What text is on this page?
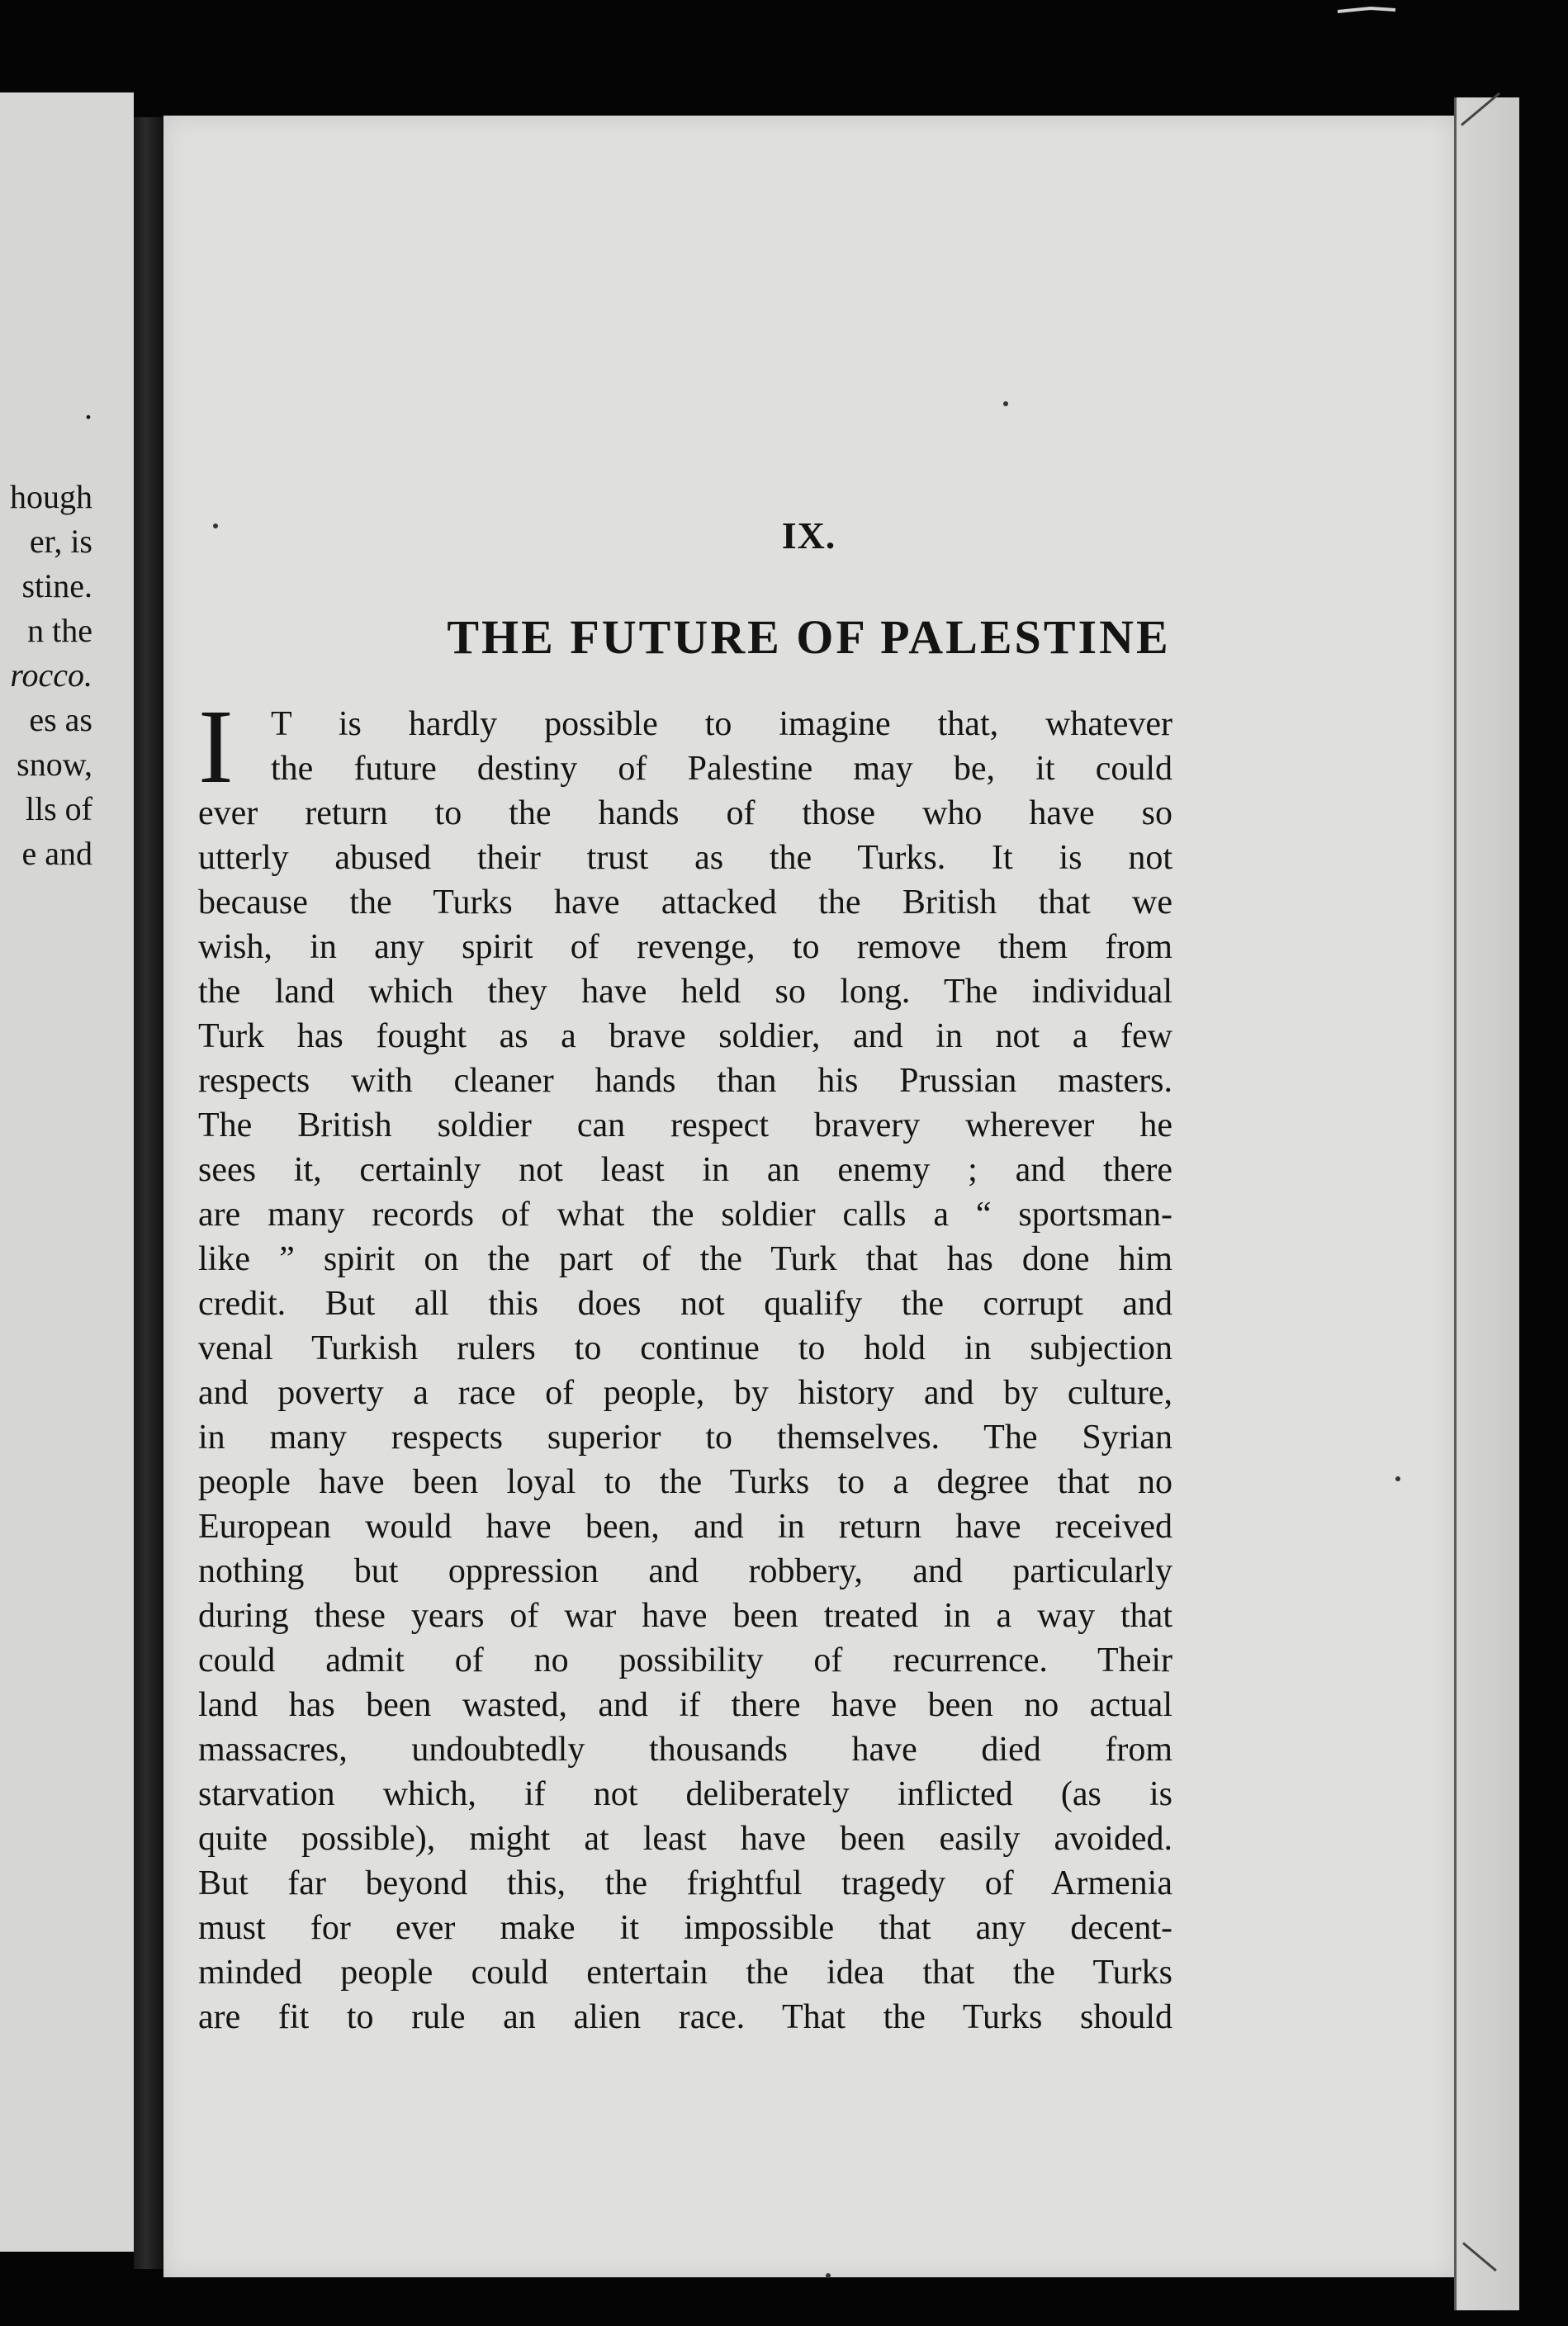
.
hough
er, is
stine.
n the
rocco.
es as
snow,
lls of
e and
IX.
THE FUTURE OF PALESTINE
I	T is hardly possible to imagine that, whatever
the future destiny of Palestine may be, it could
ever return to the hands of those who have so
utterly abused their trust as the Turks. It is not
because the Turks have attacked the British that we
wish, in any spirit of revenge, to remove them from
the land which they have held so long. The individual
Turk has fought as a brave soldier, and in not a few
respects with cleaner hands than his Prussian masters.
The British soldier can respect bravery wherever he
sees it, certainly not least in an enemy ; and there
are many records of what the soldier calls a “ sportsman-
like ” spirit on the part of the Turk that has done him
credit. But all this does not qualify the corrupt and
venal Turkish rulers to continue to hold in subjection
and poverty a race of people, by history and by culture,
in many respects superior to themselves. The Syrian
people have been loyal to the Turks to a degree that no
European would have been, and in return have received
nothing but oppression and robbery, and particularly
during these years of war have been treated in a way that
could admit of no possibility of recurrence. Their
land has been wasted, and if there have been no actual
massacres, undoubtedly thousands have died from
starvation which, if not deliberately inflicted (as is
quite possible), might at least have been easily avoided.
But far beyond this, the frightful tragedy of Armenia
must for ever make it impossible that any decent-
minded people could entertain the idea that the Turks
are fit to rule an alien race. That the Turks should
